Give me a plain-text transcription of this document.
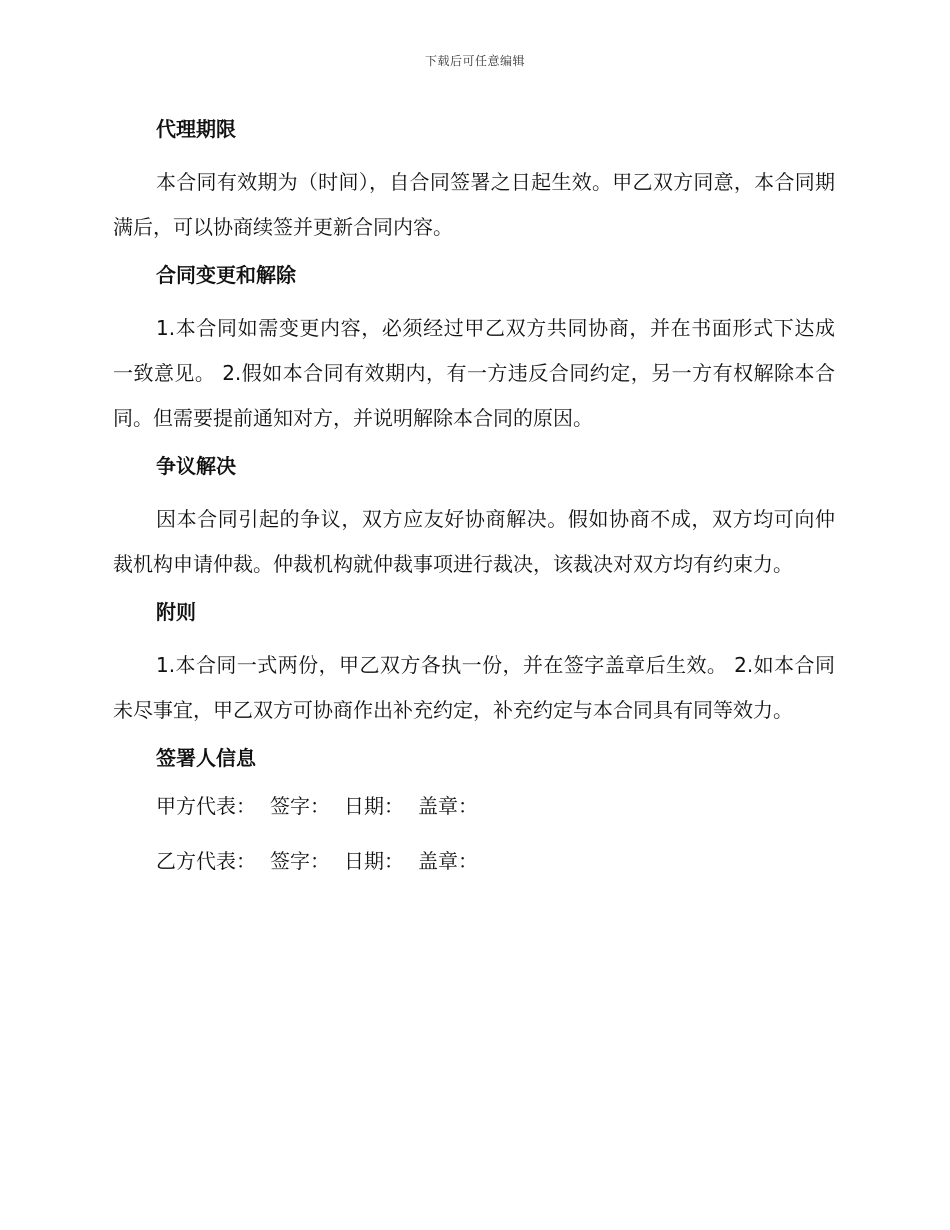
下载后可任意编辑
代理期限

本合同有效期为（时间），自合同签署之日起生效。甲乙双方同意，本合同期满后，可以协商续签并更新合同内容。

合同变更和解除

1.本合同如需变更内容，必须经过甲乙双方共同协商，并在书面形式下达成一致意见。 2.假如本合同有效期内，有一方违反合同约定，另一方有权解除本合同。但需要提前通知对方，并说明解除本合同的原因。

争议解决

因本合同引起的争议，双方应友好协商解决。假如协商不成，双方均可向仲裁机构申请仲裁。仲裁机构就仲裁事项进行裁决，该裁决对双方均有约束力。

附则

1.本合同一式两份，甲乙双方各执一份，并在签字盖章后生效。 2.如本合同未尽事宜，甲乙双方可协商作出补充约定，补充约定与本合同具有同等效力。

签署人信息
甲方代表： 签字： 日期： 盖章：
乙方代表： 签字： 日期： 盖章：
